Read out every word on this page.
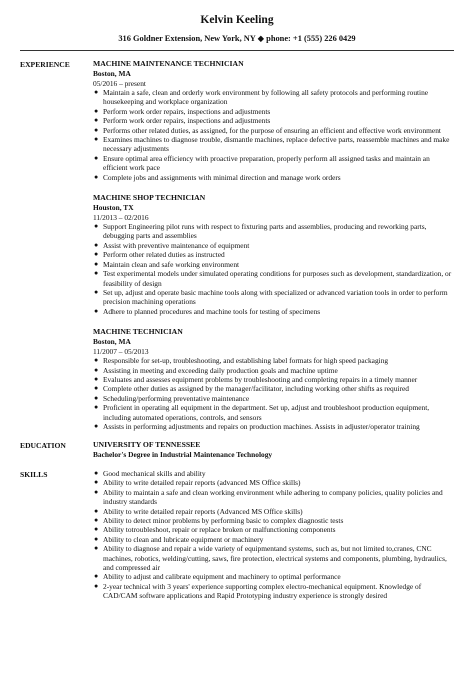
Kelvin Keeling
316 Goldner Extension, New York, NY ◆ phone: +1 (555) 226 0429
EXPERIENCE	MACHINE MAINTENANCE TECHNICIAN
Boston, MA
05/2016 – present
● Maintain a safe, clean and orderly work environment by following all safety protocols and performing routine housekeeping and workplace organization
● Perform work order repairs, inspections and adjustments
● Perform work order repairs, inspections and adjustments
● Performs other related duties, as assigned, for the purpose of ensuring an efficient and effective work environment
● Examines machines to diagnose trouble, dismantle machines, replace defective parts, reassemble machines and make necessary adjustments
● Ensure optimal area efficiency with proactive preparation, properly perform all assigned tasks and maintain an efficient work pace
● Complete jobs and assignments with minimal direction and manage work orders
MACHINE SHOP TECHNICIAN
Houston, TX
11/2013 – 02/2016
● Support Engineering pilot runs with respect to fixturing parts and assemblies, producing and reworking parts, debugging parts and assemblies
● Assist with preventive maintenance of equipment
● Perform other related duties as instructed
● Maintain clean and safe working environment
● Test experimental models under simulated operating conditions for purposes such as development, standardization, or feasibility of design
● Set up, adjust and operate basic machine tools along with specialized or advanced variation tools in order to perform precision machining operations
● Adhere to planned procedures and machine tools for testing of specimens
MACHINE TECHNICIAN
Boston, MA
11/2007 – 05/2013
● Responsible for set-up, troubleshooting, and establishing label formats for high speed packaging
● Assisting in meeting and exceeding daily production goals and machine uptime
● Evaluates and assesses equipment problems by troubleshooting and completing repairs in a timely manner
● Complete other duties as assigned by the manager/facilitator, including working other shifts as required
● Scheduling/performing preventative maintenance
● Proficient in operating all equipment in the department. Set up, adjust and troubleshoot production equipment, including automated operations, controls, and sensors
● Assists in performing adjustments and repairs on production machines. Assists in adjuster/operator training
EDUCATION	UNIVERSITY OF TENNESSEE
Bachelor's Degree in Industrial Maintenance Technology
SKILLS	● Good mechanical skills and ability
● Ability to write detailed repair reports (advanced MS Office skills)
● Ability to maintain a safe and clean working environment while adhering to company policies, quality policies and industry standards
● Ability to write detailed repair reports (Advanced MS Office skills)
● Ability to detect minor problems by performing basic to complex diagnostic tests
● Ability totroubleshoot, repair or replace broken or malfunctioning components
● Ability to clean and lubricate equipment or machinery
● Ability to diagnose and repair a wide variety of equipmentand systems, such as, but not limited to,cranes, CNC machines, robotics, welding/cutting, saws, fire protection, electrical systems and components, plumbing, hydraulics, and compressed air
● Ability to adjust and calibrate equipment and machinery to optimal performance
● 2-year technical with 3 years' experience supporting complex electro-mechanical equipment. Knowledge of CAD/CAM software applications and Rapid Prototyping industry experience is strongly desired
